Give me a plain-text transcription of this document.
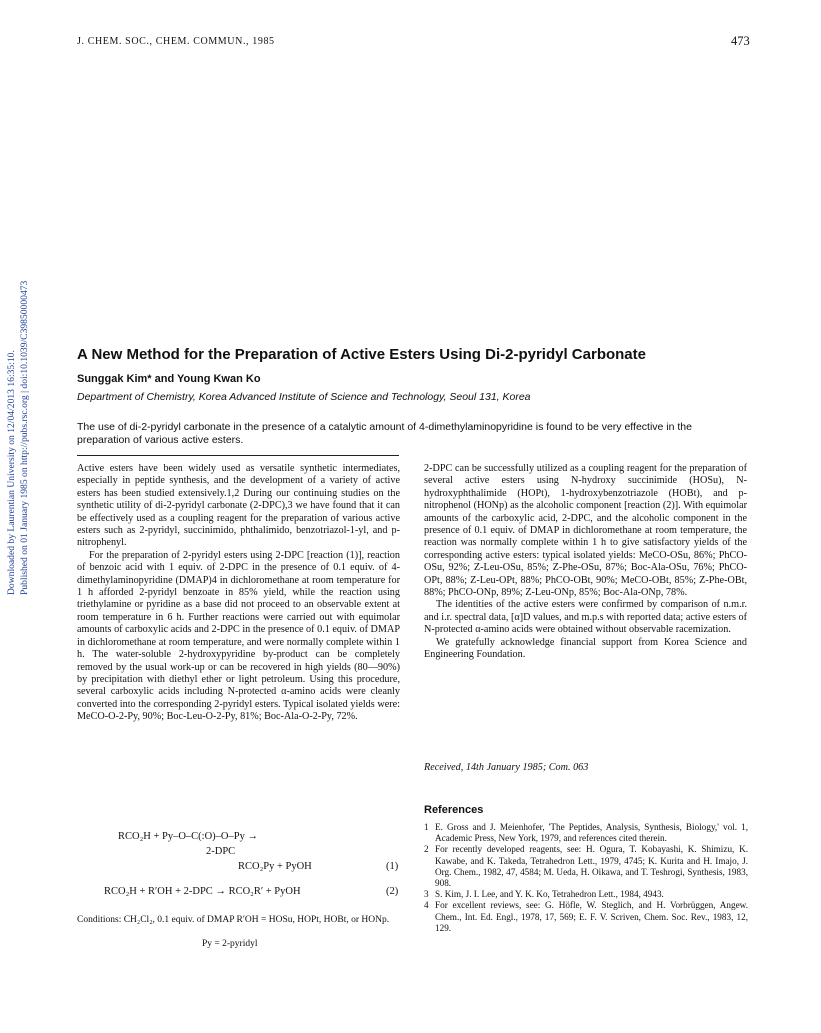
J. CHEM. SOC., CHEM. COMMUN., 1985	473
Downloaded by Laurentian University on 12/04/2013 16:35:10. Published on 01 January 1985 on http://pubs.rsc.org | doi:10.1039/C39850000473	A New Method for the Preparation of Active Esters Using Di-2-pyridyl Carbonate
Sunggak Kim* and Young Kwan Ko
Department of Chemistry, Korea Advanced Institute of Science and Technology, Seoul 131, Korea
The use of di-2-pyridyl carbonate in the presence of a catalytic amount of 4-dimethylaminopyridine is found to be very effective in the preparation of various active esters.

Active esters have been widely used as versatile synthetic intermediates, especially in peptide synthesis, and the development of a variety of active esters has been studied extensively.1,2 During our continuing studies on the synthetic utility of di-2-pyridyl carbonate (2-DPC),3 we have found that it can be effectively used as a coupling reagent for the preparation of various active esters such as 2-pyridyl, succinimido, phthalimido, benzotriazol-1-yl, and p-nitrophenyl.

For the preparation of 2-pyridyl esters using 2-DPC [reaction (1)], reaction of benzoic acid with 1 equiv. of 2-DPC in the presence of 0.1 equiv. of 4-dimethylaminopyridine (DMAP)4 in dichloromethane at room temperature for 1 h afforded 2-pyridyl benzoate in 85% yield, while the reaction using triethylamine or pyridine as a base did not proceed to an observable extent at room temperature in 6 h. Further reactions were carried out with equimolar amounts of carboxylic acids and 2-DPC in the presence of 0.1 equiv. of DMAP in dichloromethane at room temperature, and were normally complete within 1 h. The water-soluble 2-hydroxypyridine by-product can be completely removed by the usual work-up or can be recovered in high yields (80—90%) by precipitation with diethyl ether or light petroleum. Using this procedure, several carboxylic acids including N-protected α-amino acids were cleanly converted into the corresponding 2-pyridyl esters. Typical isolated yields were: MeCO-O-2-Py, 90%; Boc-Leu-O-2-Py, 81%; Boc-Ala-O-2-Py, 72%.

2-DPC can be successfully utilized as a coupling reagent for the preparation of several active esters using N-hydroxy succinimide (HOSu), N-hydroxyphthalimide (HOPt), 1-hydroxybenzotriazole (HOBt), and p-nitrophenol (HONp) as the alcoholic component [reaction (2)]. With equimolar amounts of the carboxylic acid, 2-DPC, and the alcoholic component in the presence of 0.1 equiv. of DMAP in dichloromethane at room temperature, the reaction was normally complete within 1 h to give satisfactory yields of the corresponding active esters: typical isolated yields: MeCO-OSu, 86%; PhCO-OSu, 92%; Z-Leu-OSu, 85%; Z-Phe-OSu, 87%; Boc-Ala-OSu, 76%; PhCO-OPt, 88%; Z-Leu-OPt, 88%; PhCO-OBt, 90%; MeCO-OBt, 85%; Z-Phe-OBt, 88%; PhCO-ONp, 89%; Z-Leu-ONp, 85%; Boc-Ala-ONp, 78%.

The identities of the active esters were confirmed by comparison of n.m.r. and i.r. spectral data, [α]D values, and m.p.s with reported data; active esters of N-protected α-amino acids were obtained without observable racemization.

We gratefully acknowledge financial support from Korea Science and Engineering Foundation.

Received, 14th January 1985; Com. 063
RCO₂H + Py–O–C(:O)–O–Py →
2-DPC
RCO₂Py + PyOH	(1)
RCO₂H + R′OH + 2-DPC → RCO₂R′ + PyOH	(2)
Conditions: CH₂Cl₂, 0.1 equiv. of DMAP R′OH = HOSu, HOPt, HOBt, or HONp.
Py = 2-pyridyl
References
1 E. Gross and J. Meienhofer, 'The Peptides, Analysis, Synthesis, Biology,' vol. 1, Academic Press, New York, 1979, and references cited therein.
2 For recently developed reagents, see: H. Ogura, T. Kobayashi, K. Shimizu, K. Kawabe, and K. Takeda, Tetrahedron Lett., 1979, 4745; K. Kurita and H. Imajo, J. Org. Chem., 1982, 47, 4584; M. Ueda, H. Oikawa, and T. Teshrogi, Synthesis, 1983, 908.
3 S. Kim, J. I. Lee, and Y. K. Ko, Tetrahedron Lett., 1984, 4943.
4 For excellent reviews, see: G. Höfle, W. Steglich, and H. Vorbrüggen, Angew. Chem., Int. Ed. Engl., 1978, 17, 569; E. F. V. Scriven, Chem. Soc. Rev., 1983, 12, 129.
